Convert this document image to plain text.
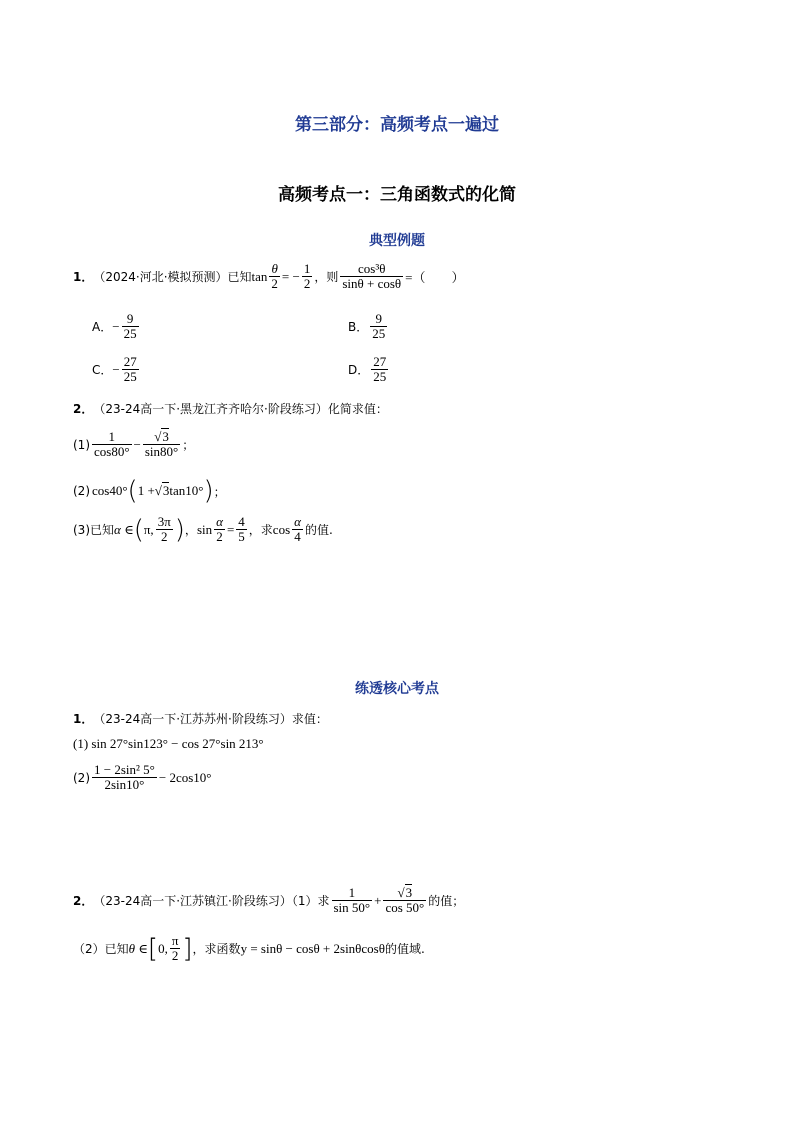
第三部分：高频考点一遍过
高频考点一：三角函数式的化简
典型例题
1． （2024·河北·模拟预测）已知 $\tan \frac{\theta}{2}$ = − $\frac{1}{2}$ ，则 $\frac{\text{cos³θ}}{\sin\theta + \cos\theta}$ =（　　）
A． − $\frac{9}{25}$	B． $\frac{9}{25}$
C． − $\frac{27}{25}$	D． $\frac{27}{25}$
2． （23-24高一下·黑龙江齐齐哈尔·阶段练习）化简求值：
$(1) \frac{1}{\cos 80^\circ} - \frac{√3}{\sin 80^\circ}$ ；
(2) cos40° ( 1 + √ 3 tan10° ) ；
(3)已知 α ∈ ( π, $\frac{3\pi}{2}$ ) ， $\sin \frac{\alpha}{2} = \frac{4}{5}$ ，求 $\cos \frac{\alpha}{4}$ 的值.
练透核心考点
1． （23-24高一下·江苏苏州·阶段练习）求值：
(1) sin 27°sin123° − cos 27°sin 213°
$(2) \frac{\text{1 − 2sin² 5°}}{2\sin 10^\circ} - 2\cos 10^\circ$
2． （23-24高一下·江苏镇江·阶段练习）（1）求 $\frac{1}{\sin 50^\circ} + \frac{√3}{\cos 50^\circ}$ 的值；
（2）已知 θ ∈ [ 0, $\frac{\pi}{2}$ ] ，求函数 y = sinθ − cosθ + 2sinθcosθ 的值域.
